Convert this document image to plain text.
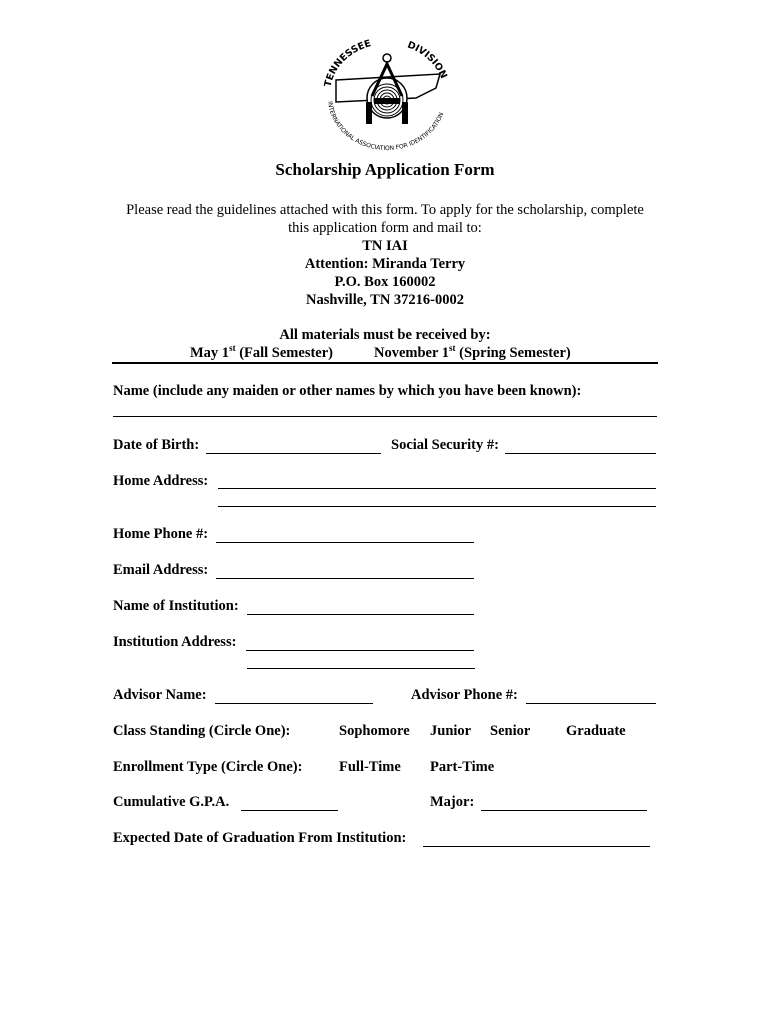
TENNESSEE	DIVISION
INTERNATIONAL ASSOCIATION FOR IDENTIFICATION
Scholarship Application Form
Please read the guidelines attached with this form. To apply for the scholarship, complete
this application form and mail to:
TN IAI
Attention: Miranda Terry
P.O. Box 160002
Nashville, TN 37216-0002
All materials must be received by:
May 1st (Fall Semester)	November 1st (Spring Semester)
Name (include any maiden or other names by which you have been known):
Date of Birth:	Social Security #:
Home Address:
Home Phone #:
Email Address:
Name of Institution:
Institution Address:
Advisor Name:	Advisor Phone #:
Class Standing (Circle One):	Sophomore Junior Senior Graduate
Enrollment Type (Circle One):	Full-Time Part-Time
Cumulative G.P.A.	Major:
Expected Date of Graduation From Institution:
